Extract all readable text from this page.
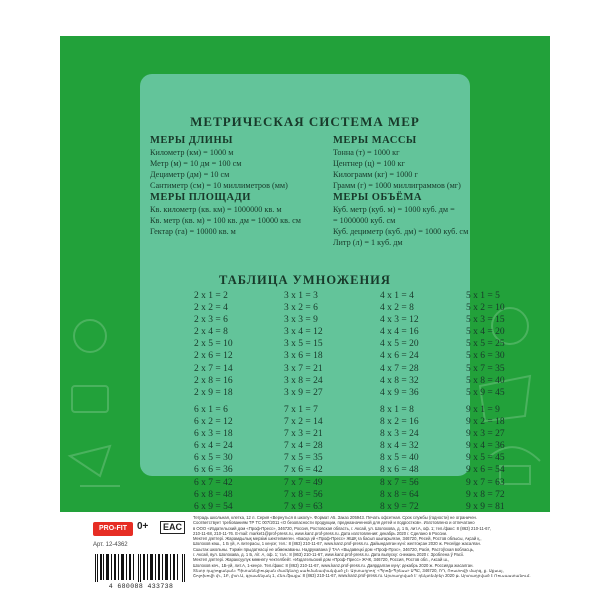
МЕТРИЧЕСКАЯ СИСТЕМА МЕР
МЕРЫ ДЛИНЫ
Километр (км) = 1000 м
Метр (м) = 10 дм = 100 см
Дециметр (дм) = 10 см
Сантиметр (см) = 10 миллиметров (мм)
МЕРЫ МАССЫ
Тонна (т) = 1000 кг
Центнер (ц) = 100 кг
Килограмм (кг) = 1000 г
Грамм (г) = 1000 миллиграммов (мг)
МЕРЫ ПЛОЩАДИ
Кв. километр (кв. км) = 1000000 кв. м
Кв. метр (кв. м) = 100 кв. дм = 10000 кв. см
Гектар (га) = 10000 кв. м
МЕРЫ ОБЪЁМА
Куб. метр (куб. м) = 1000 куб. дм =
= 1000000 куб. см
Куб. дециметр (куб. дм) = 1000 куб. см
Литр (л) = 1 куб. дм
ТАБЛИЦА УМНОЖЕНИЯ
2 x 1 = 2
2 x 2 = 4
2 x 3 = 6
2 x 4 = 8
2 x 5 = 10
2 x 6 = 12
2 x 7 = 14
2 x 8 = 16
2 x 9 = 18
3 x 1 = 3
3 x 2 = 6
3 x 3 = 9
3 x 4 = 12
3 x 5 = 15
3 x 6 = 18
3 x 7 = 21
3 x 8 = 24
3 x 9 = 27
4 x 1 = 4
4 x 2 = 8
4 x 3 = 12
4 x 4 = 16
4 x 5 = 20
4 x 6 = 24
4 x 7 = 28
4 x 8 = 32
4 x 9 = 36
5 x 1 = 5
5 x 2 = 10
5 x 3 = 15
5 x 4 = 20
5 x 5 = 25
5 x 6 = 30
5 x 7 = 35
5 x 8 = 40
5 x 9 = 45
6 x 1 = 6
6 x 2 = 12
6 x 3 = 18
6 x 4 = 24
6 x 5 = 30
6 x 6 = 36
6 x 7 = 42
6 x 8 = 48
6 x 9 = 54
7 x 1 = 7
7 x 2 = 14
7 x 3 = 21
7 x 4 = 28
7 x 5 = 35
7 x 6 = 42
7 x 7 = 49
7 x 8 = 56
7 x 9 = 63
8 x 1 = 8
8 x 2 = 16
8 x 3 = 24
8 x 4 = 32
8 x 5 = 40
8 x 6 = 48
8 x 7 = 56
8 x 8 = 64
8 x 9 = 72
9 x 1 = 9
9 x 2 = 18
9 x 3 = 27
9 x 4 = 36
9 x 5 = 45
9 x 6 = 54
9 x 7 = 63
9 x 8 = 72
9 x 9 = 81
PRO-FIT	0+	EAC
Арт. 12-4362
4 680088 433738

Тетрадь школьная, клетка, 12 л. Серия «Вернуться в школу». Формат А5. Заказ 205943. Печать офсетная. Срок службы (годности) не ограничен.

Соответствует требованиям ТР ТС 007/2011 «О безопасности продукции, предназначенной для детей и подростков». Изготовлено и отпечатано

в ООО «Издательский дом «Проф-Пресс», 346720, Россия, Ростовская область, г. Аксай, ул. Шолохова, д. 1 Б, лит.А, оф. 1; тел./факс: 8 (863) 210-11-67,

210-11-68, 210-11-76. E-mail: market1@prof-press.ru, www.kanz.prof-press.ru. Дата изготовления: декабрь 2020 г. Сделано в России.

Мектеп дәптері. Жарамдылық мерзімі шектелмеген. «Басқа үй «Проф-Пресс» ЖШҚ ға басып шығарылған, 346720, Ресей, Ростов облысы, Ақсай қ.,

Шолохов көш., 1 Б үй, А литерасы, 1 кеңсе; тел.: 8 (863) 210-11-67, www.kanz.prof-press.ru. Дайындалған күні: желтоқсан 2020 ж. Ресейде жасалған.

Сшытак школьны. Тэрмін прыдатнасці не абмежаваны. Надрукавана ў ТАА «Выдавецкі дом «Проф-Прэс», 346720, Расія, Растоўская вобласць,

г. Аксай, вул. Шолохава, д. 1 Б, літ. А, оф. 1; тэл.: 8 (863) 210-11-67, www.kanz.prof-press.ru. Дата выпуску: снежань 2020 г. Зроблена ў Расіі.

Мектеп дәптері. Жараксуулук мөөнөтү чектелбейт. «Издательский дом «Проф-Пресс» ЖЧК, 346720, Россия, Ростов обл., Аксай ш.,

Шолохов көч., 1Б-үй, лит.А, 1-кеңсе. Тел./факс: 8 (863) 210-11-67, www.kanz.prof-press.ru. Даярдалган күнү: декабрь 2020 ж. Россияда жасалган.

Տետր դպրոցական։ Պիտանելիության ժամկետը սահմանափակված չէ։ Արտադրող՝ «Պրոֆ-Պրեսս» ՍՊԸ, 346720, ՌԴ, Ռոստովի մարզ, ք. Աքսայ,

Շոլոխովի փ., 1Բ, լիտ.Ա, գրասենյակ 1, Հեռ./ֆաքս: 8 (863) 210-11-67, www.kanz.prof-press.ru. Արտադրված է՝ դեկտեմբեր 2020 թ. Արտադրված է Ռուսաստանում.
